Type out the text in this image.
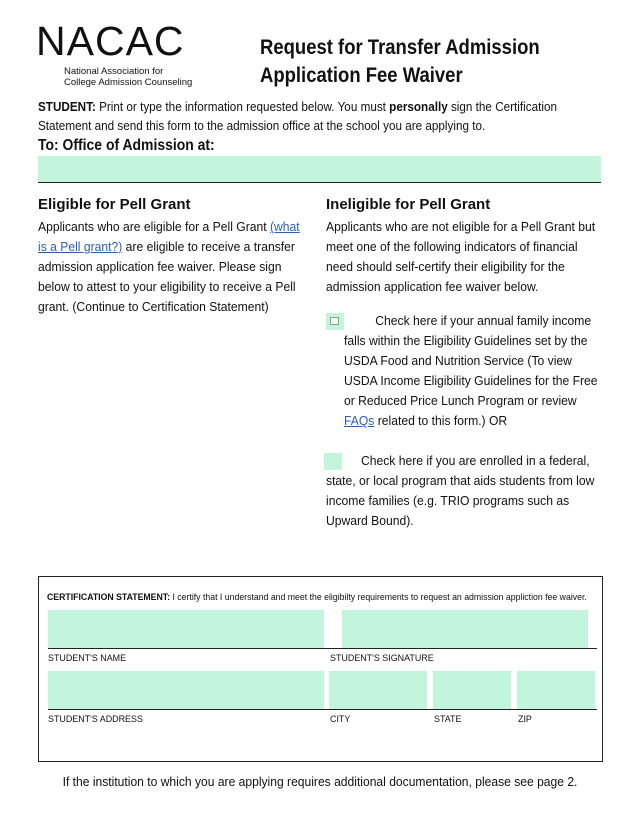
NACAC
National Association for
College Admission Counseling
Request for Transfer Admission
Application Fee Waiver
STUDENT: Print or type the information requested below. You must personally sign the Certification Statement and send this form to the admission office at the school you are applying to.
To: Office of Admission at:
Eligible for Pell Grant

Applicants who are eligible for a Pell Grant (what is a Pell grant?) are eligible to receive a transfer admission application fee waiver. Please sign below to attest to your eligibility to receive a Pell grant. (Continue to Certification Statement)

Ineligible for Pell Grant

Applicants who are not eligible for a Pell Grant but meet one of the following indicators of financial need should self-certify their eligibility for the admission application fee waiver below.

Check here if your annual family income falls within the Eligibility Guidelines set by the USDA Food and Nutrition Service (To view USDA Income Eligibility Guidelines for the Free or Reduced Price Lunch Program or review FAQs related to this form.) OR

Check here if you are enrolled in a federal, state, or local program that aids students from low income families (e.g. TRIO programs such as Upward Bound).

CERTIFICATION STATEMENT: I certify that I understand and meet the eligibilty requirements to request an admission appliction fee waiver.
STUDENT'S NAME	STUDENT'S SIGNATURE
STUDENT'S ADDRESS	CITY	STATE	ZIP
If the institution to which you are applying requires additional documentation, please see page 2.
